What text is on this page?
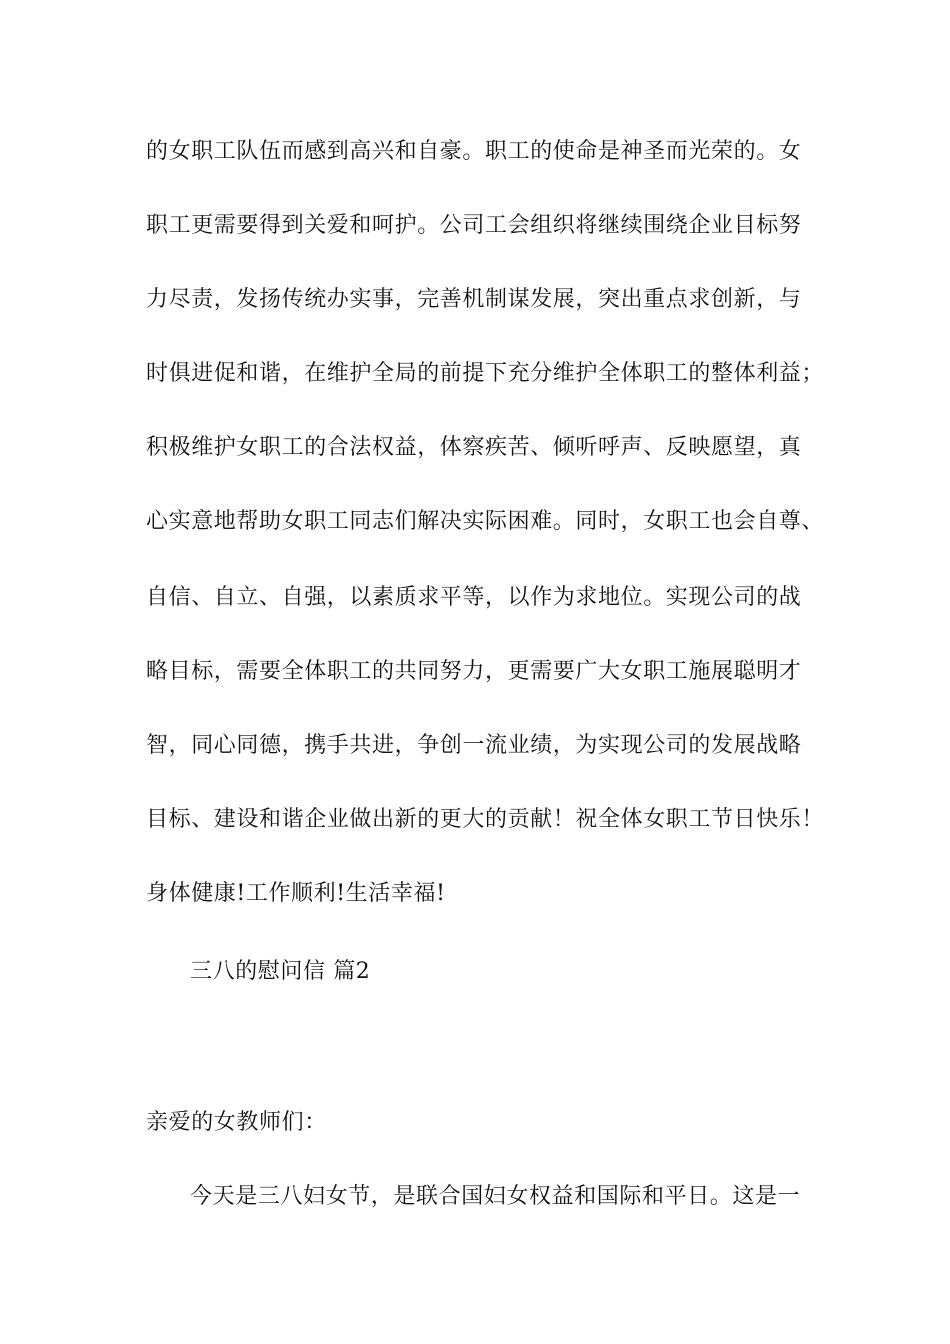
的女职工队伍而感到高兴和自豪。职工的使命是神圣而光荣的。女
职工更需要得到关爱和呵护。公司工会组织将继续围绕企业目标努
力尽责，发扬传统办实事，完善机制谋发展，突出重点求创新，与
时俱进促和谐，在维护全局的前提下充分维护全体职工的整体利益；
积极维护女职工的合法权益，体察疾苦、倾听呼声、反映愿望，真
心实意地帮助女职工同志们解决实际困难。同时，女职工也会自尊、
自信、自立、自强，以素质求平等，以作为求地位。实现公司的战
略目标，需要全体职工的共同努力，更需要广大女职工施展聪明才
智，同心同德，携手共进，争创一流业绩，为实现公司的发展战略
目标、建设和谐企业做出新的更大的贡献！祝全体女职工节日快乐！
身体健康!工作顺利!生活幸福!
三八的慰问信 篇2
亲爱的女教师们：
今天是三八妇女节，是联合国妇女权益和国际和平日。这是一
